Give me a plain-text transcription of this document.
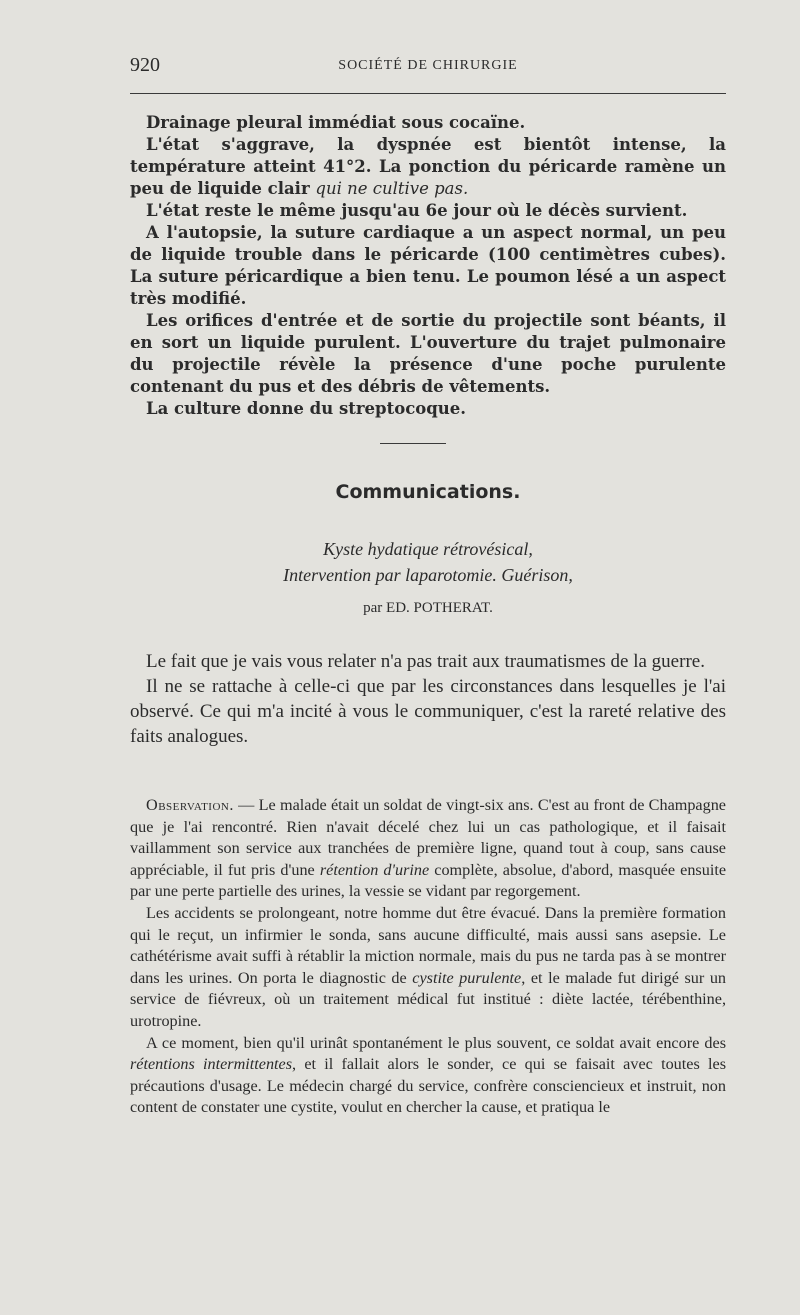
920	SOCIÉTÉ DE CHIRURGIE

Drainage pleural immédiat sous cocaïne.

L'état s'aggrave, la dyspnée est bientôt intense, la température atteint 41°2. La ponction du péricarde ramène un peu de liquide clair qui ne cultive pas.

L'état reste le même jusqu'au 6e jour où le décès survient.

A l'autopsie, la suture cardiaque a un aspect normal, un peu de liquide trouble dans le péricarde (100 centimètres cubes). La suture péricardique a bien tenu. Le poumon lésé a un aspect très modifié.

Les orifices d'entrée et de sortie du projectile sont béants, il en sort un liquide purulent. L'ouverture du trajet pulmonaire du projectile révèle la présence d'une poche purulente contenant du pus et des débris de vêtements.

La culture donne du streptocoque.

Communications.
Kyste hydatique rétrovésical,
Intervention par laparotomie. Guérison,
par ED. POTHERAT.

Le fait que je vais vous relater n'a pas trait aux traumatismes de la guerre.

Il ne se rattache à celle-ci que par les circonstances dans lesquelles je l'ai observé. Ce qui m'a incité à vous le communiquer, c'est la rareté relative des faits analogues.

Observation. — Le malade était un soldat de vingt-six ans. C'est au front de Champagne que je l'ai rencontré. Rien n'avait décelé chez lui un cas pathologique, et il faisait vaillamment son service aux tranchées de première ligne, quand tout à coup, sans cause appréciable, il fut pris d'une rétention d'urine complète, absolue, d'abord, masquée ensuite par une perte partielle des urines, la vessie se vidant par regorgement.

Les accidents se prolongeant, notre homme dut être évacué. Dans la première formation qui le reçut, un infirmier le sonda, sans aucune difficulté, mais aussi sans asepsie. Le cathétérisme avait suffi à rétablir la miction normale, mais du pus ne tarda pas à se montrer dans les urines. On porta le diagnostic de cystite purulente, et le malade fut dirigé sur un service de fiévreux, où un traitement médical fut institué : diète lactée, térébenthine, urotropine.

A ce moment, bien qu'il urinât spontanément le plus souvent, ce soldat avait encore des rétentions intermittentes, et il fallait alors le sonder, ce qui se faisait avec toutes les précautions d'usage. Le médecin chargé du service, confrère consciencieux et instruit, non content de constater une cystite, voulut en chercher la cause, et pratiqua le
